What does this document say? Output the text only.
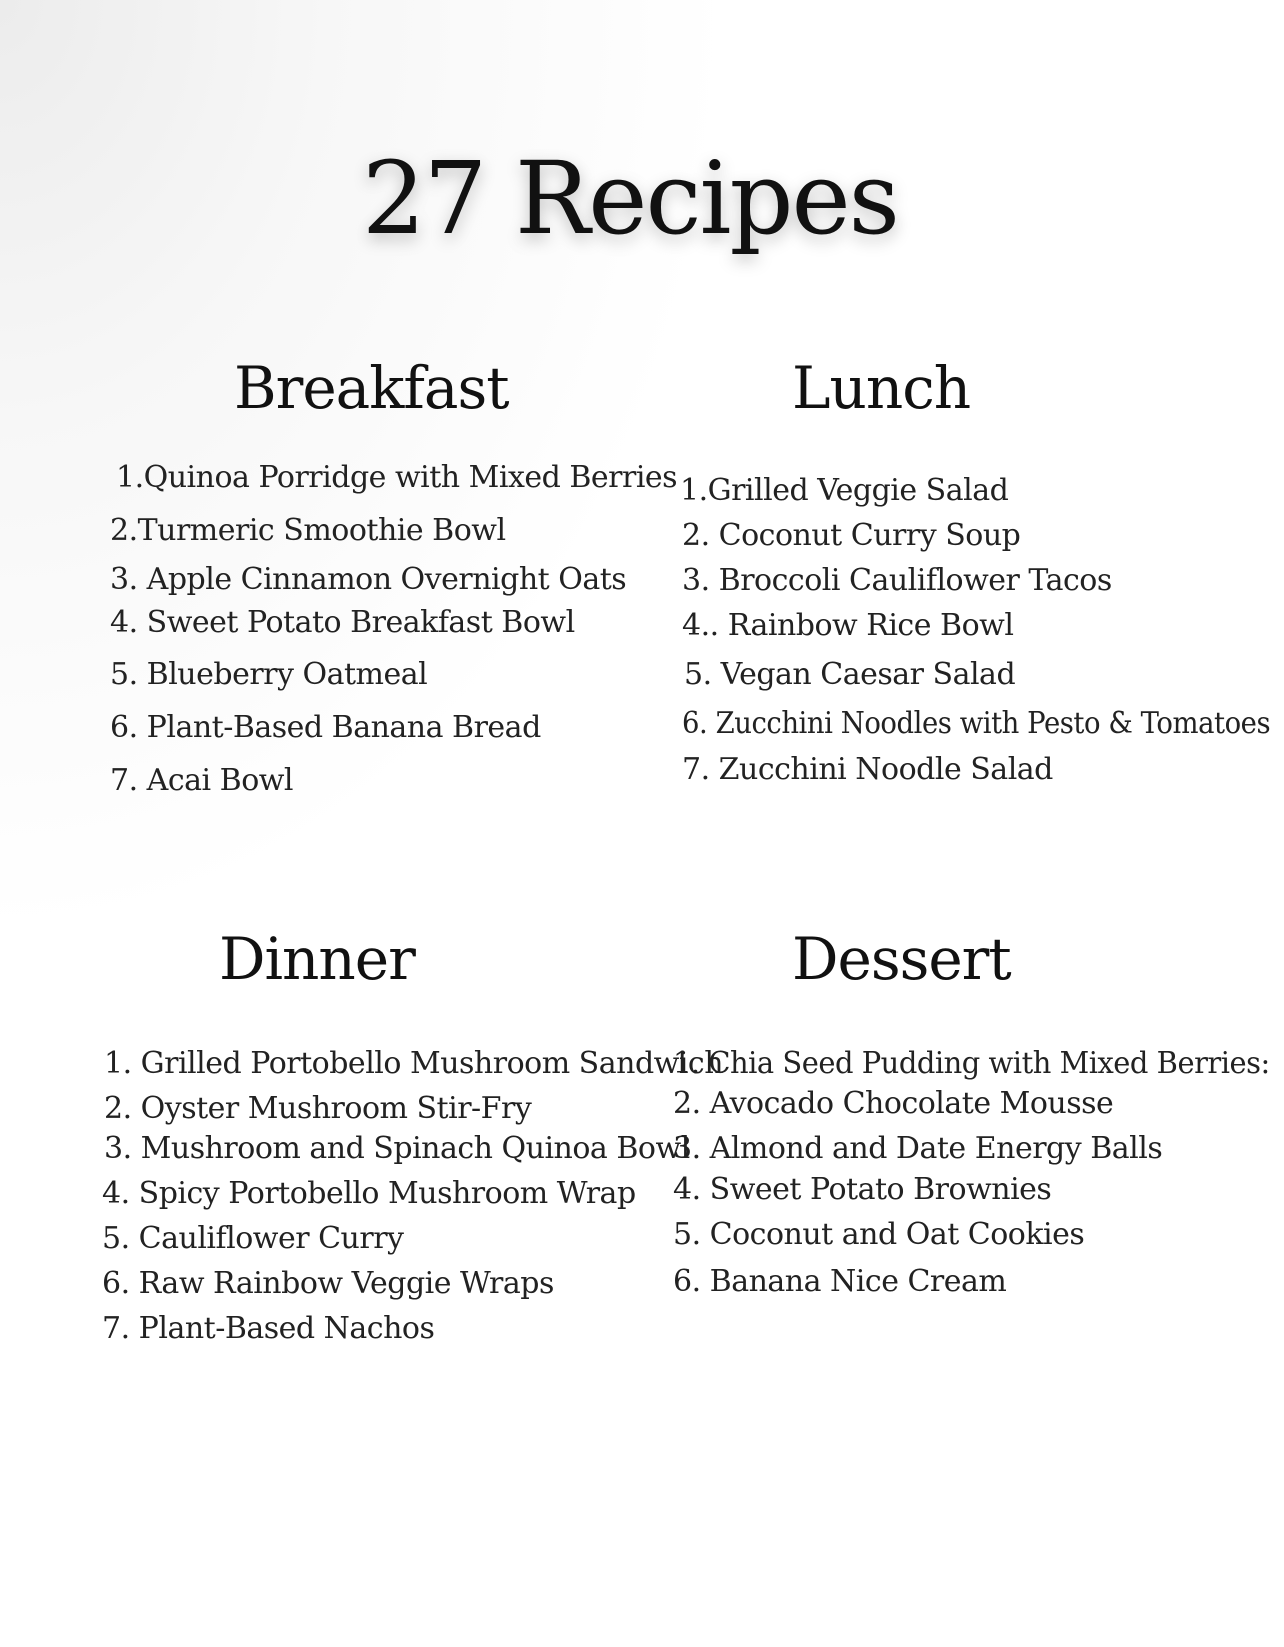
27 Recipes
Breakfast
1.Quinoa Porridge with Mixed Berries
2.Turmeric Smoothie Bowl
3. Apple Cinnamon Overnight Oats
4. Sweet Potato Breakfast Bowl
5. Blueberry Oatmeal
6. Plant-Based Banana Bread
7. Acai Bowl
Lunch
1.Grilled Veggie Salad
2. Coconut Curry Soup
3. Broccoli Cauliflower Tacos
4.. Rainbow Rice Bowl
5. Vegan Caesar Salad
6. Zucchini Noodles with Pesto & Tomatoes
7. Zucchini Noodle Salad
Dinner
1. Grilled Portobello Mushroom Sandwich
2. Oyster Mushroom Stir-Fry
3. Mushroom and Spinach Quinoa Bowl
4. Spicy Portobello Mushroom Wrap
5. Cauliflower Curry
6. Raw Rainbow Veggie Wraps
7. Plant-Based Nachos
Dessert
1. Chia Seed Pudding with Mixed Berries:
2. Avocado Chocolate Mousse
3. Almond and Date Energy Balls
4. Sweet Potato Brownies
5. Coconut and Oat Cookies
6. Banana Nice Cream
